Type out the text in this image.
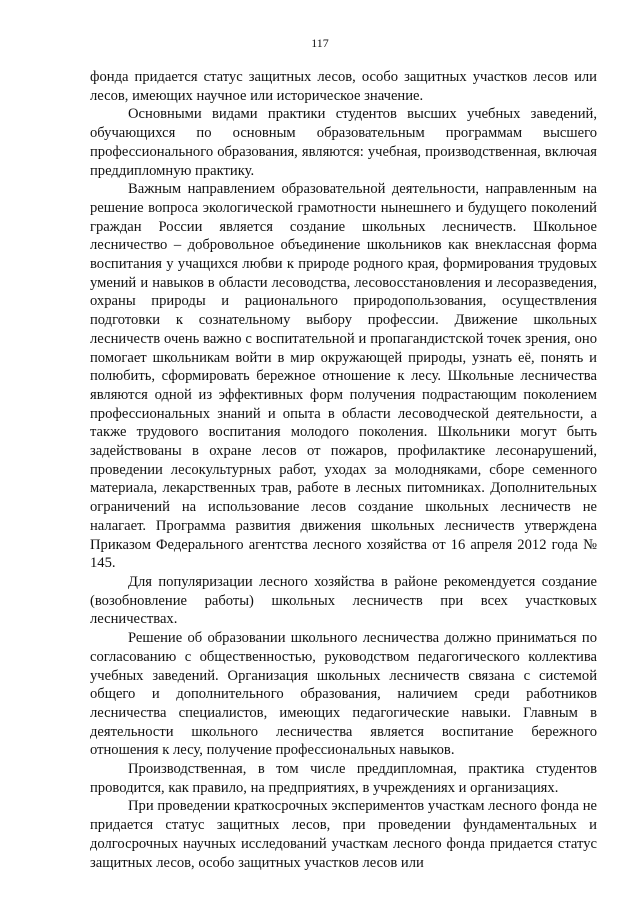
117

фонда придается статус защитных лесов, особо защитных участков лесов или лесов, имеющих научное или историческое значение.

Основными видами практики студентов высших учебных заведений, обучающихся по основным образовательным программам высшего профессионального образования, являются: учебная, производственная, включая преддипломную практику.

Важным направлением образовательной деятельности, направленным на решение вопроса экологической грамотности нынешнего и будущего поколений граждан России является создание школьных лесничеств. Школьное лесничество – добровольное объединение школьников как внеклассная форма воспитания у учащихся любви к природе родного края, формирования трудовых умений и навыков в области лесоводства, лесовосстановления и лесоразведения, охраны природы и рационального природопользования, осуществления подготовки к сознательному выбору профессии. Движение школьных лесничеств очень важно с воспитательной и пропагандистской точек зрения, оно помогает школьникам войти в мир окружающей природы, узнать её, понять и полюбить, сформировать бережное отношение к лесу. Школьные лесничества являются одной из эффективных форм получения подрастающим поколением профессиональных знаний и опыта в области лесоводческой деятельности, а также трудового воспитания молодого поколения. Школьники могут быть задействованы в охране лесов от пожаров, профилактике лесонарушений, проведении лесокультурных работ, уходах за молодняками, сборе семенного материала, лекарственных трав, работе в лесных питомниках. Дополнительных ограничений на использование лесов создание школьных лесничеств не налагает. Программа развития движения школьных лесничеств утверждена Приказом Федерального агентства лесного хозяйства от 16 апреля 2012 года № 145.

Для популяризации лесного хозяйства в районе рекомендуется создание (возобновление работы) школьных лесничеств при всех участковых лесничествах.

Решение об образовании школьного лесничества должно приниматься по согласованию с общественностью, руководством педагогического коллектива учебных заведений. Организация школьных лесничеств связана с системой общего и дополнительного образования, наличием среди работников лесничества специалистов, имеющих педагогические навыки. Главным в деятельности школьного лесничества является воспитание бережного отношения к лесу, получение профессиональных навыков.

Производственная, в том числе преддипломная, практика студентов проводится, как правило, на предприятиях, в учреждениях и организациях.

При проведении краткосрочных экспериментов участкам лесного фонда не придается статус защитных лесов, при проведении фундаментальных и долгосрочных научных исследований участкам лесного фонда придается статус защитных лесов, особо защитных участков лесов или
